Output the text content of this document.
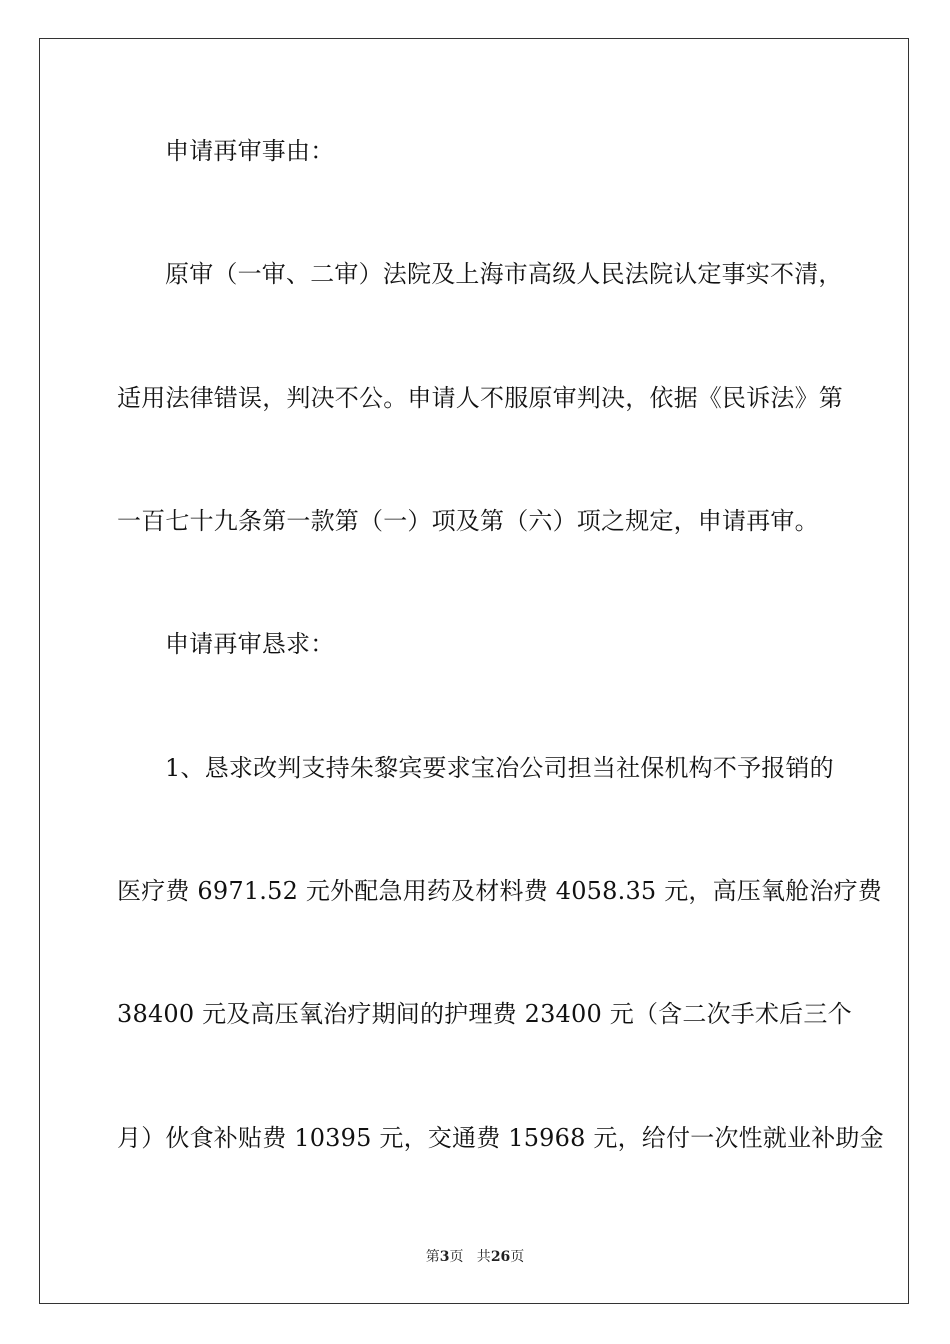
申请再审事由：
原审（一审、二审）法院及上海市高级人民法院认定事实不清，
适用法律错误，判决不公。申请人不服原审判决，依据《民诉法》第
一百七十九条第一款第（一）项及第（六）项之规定，申请再审。
申请再审恳求：
1、恳求改判支持朱黎宾要求宝冶公司担当社保机构不予报销的
医疗费 6971.52 元外配急用药及材料费 4058.35 元，高压氧舱治疗费
38400 元及高压氧治疗期间的护理费 23400 元（含二次手术后三个
月）伙食补贴费 10395 元，交通费 15968 元，给付一次性就业补助金
第3页   共26页
